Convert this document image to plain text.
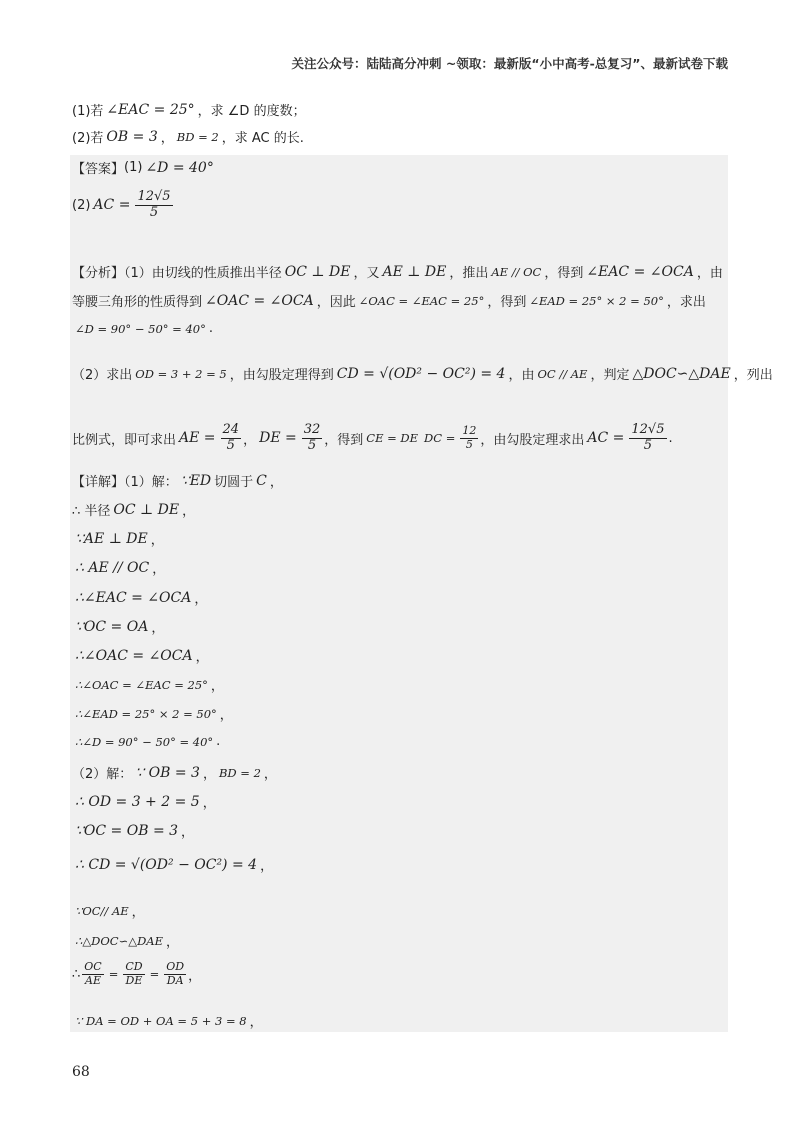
关注公众号：陆陆高分冲刺 ~领取：最新版“小中高考-总复习”、最新试卷下载
(1)若 ∠EAC = 25° ，求 ∠D 的度数；
(2)若 OB = 3 ， BD = 2 ，求 AC 的长.
【答案】 (1) ∠D = 40°
(2) AC = $\frac{12√5}{5}$
【分析】（1）由切线的性质推出半径 OC ⊥ DE ，又 AE ⊥ DE ，推出 AE // OC ，得到 ∠EAC = ∠OCA ，由
等腰三角形的性质得到 ∠OAC = ∠OCA ，因此 ∠OAC = ∠EAC = 25° ，得到 ∠EAD = 25° × 2 = 50° ，求出
∠D = 90° − 50° = 40° .
（2）求出 OD = 3 + 2 = 5 ，由勾股定理得到 CD = √(OD² − OC²) = 4 ，由 OC // AE ，判定 △DOC∽△DAE ，列出
比例式，即可求出 AE = $\frac{24}{5}$ ， DE = $\frac{32}{5}$ ，得到 CE = DE DC = $\frac{12}{5}$ ，由勾股定理求出 AC = $\frac{12√5}{5}$ .
【详解】（1）解： ∵ED 切圆于 C ，
∴ 半径 OC ⊥ DE ，
∵AE ⊥ DE ，
∴ AE // OC ，
∴∠EAC = ∠OCA ，
∵OC = OA ，
∴∠OAC = ∠OCA ，
∴∠OAC = ∠EAC = 25° ，
∴∠EAD = 25° × 2 = 50° ，
∴∠D = 90° − 50° = 40° .
（2）解： ∵ OB = 3 ， BD = 2 ，
∴ OD = 3 + 2 = 5 ，
∵OC = OB = 3 ，
∴ CD = √(OD² − OC²) = 4 ，
∵OC// AE ，
∴△DOC∽△DAE ，
∴ $\frac{OC}{AE} = \frac{CD}{DE} = \frac{OD}{DA}$ ，
∵ DA = OD + OA = 5 + 3 = 8 ，
68
